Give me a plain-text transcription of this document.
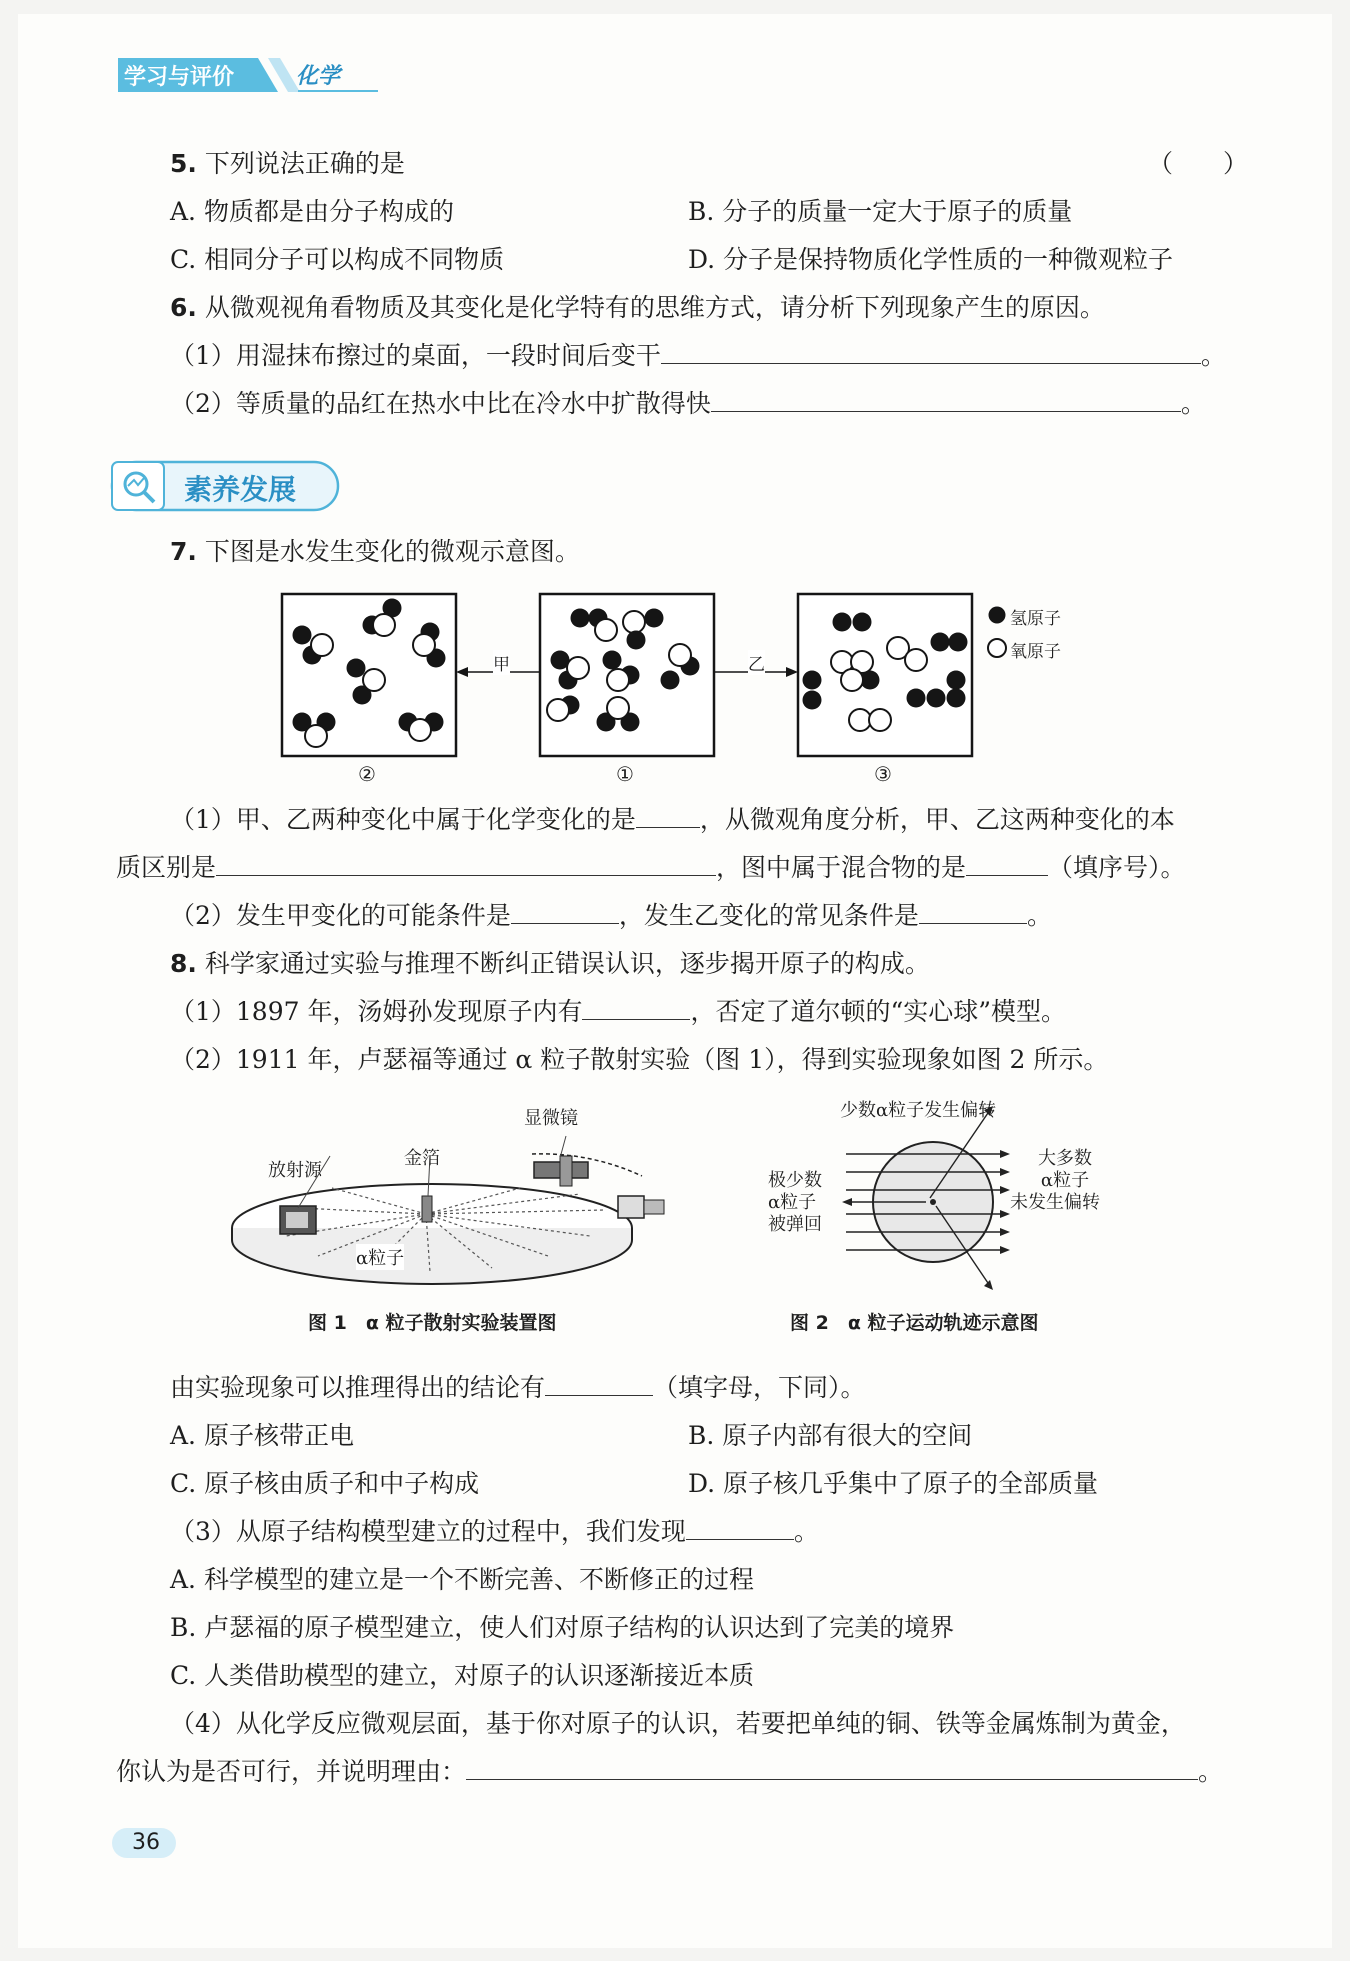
学习与评价	化学
5. 下列说法正确的是	（　　）
A. 物质都是由分子构成的	B. 分子的质量一定大于原子的质量
C. 相同分子可以构成不同物质	D. 分子是保持物质化学性质的一种微观粒子
6. 从微观视角看物质及其变化是化学特有的思维方式，请分析下列现象产生的原因。
（1）用湿抹布擦过的桌面，一段时间后变干	。
（2）等质量的品红在热水中比在冷水中扩散得快	。
素养发展
7. 下图是水发生变化的微观示意图。
氢原子
氧原子
甲	乙
②	①	③
（1）甲、乙两种变化中属于化学变化的是	，从微观角度分析，甲、乙这两种变化的本
质区别是	，图中属于混合物的是	（填序号）。
（2）发生甲变化的可能条件是	，发生乙变化的常见条件是	。
8. 科学家通过实验与推理不断纠正错误认识，逐步揭开原子的构成。
（1）1897 年，汤姆孙发现原子内有	，否定了道尔顿的“实心球”模型。
（2）1911 年，卢瑟福等通过 α 粒子散射实验（图 1），得到实验现象如图 2 所示。
显微镜
金箔
放射源
α粒子
少数α粒子发生偏转
大多数
α粒子
未发生偏转
极少数
α粒子
被弹回
图 1  α 粒子散射实验装置图	图 2  α 粒子运动轨迹示意图
由实验现象可以推理得出的结论有	（填字母，下同）。
A. 原子核带正电	B. 原子内部有很大的空间
C. 原子核由质子和中子构成	D. 原子核几乎集中了原子的全部质量
（3）从原子结构模型建立的过程中，我们发现	。
A. 科学模型的建立是一个不断完善、不断修正的过程
B. 卢瑟福的原子模型建立，使人们对原子结构的认识达到了完美的境界
C. 人类借助模型的建立，对原子的认识逐渐接近本质
（4）从化学反应微观层面，基于你对原子的认识，若要把单纯的铜、铁等金属炼制为黄金，
你认为是否可行，并说明理由：	。
36
